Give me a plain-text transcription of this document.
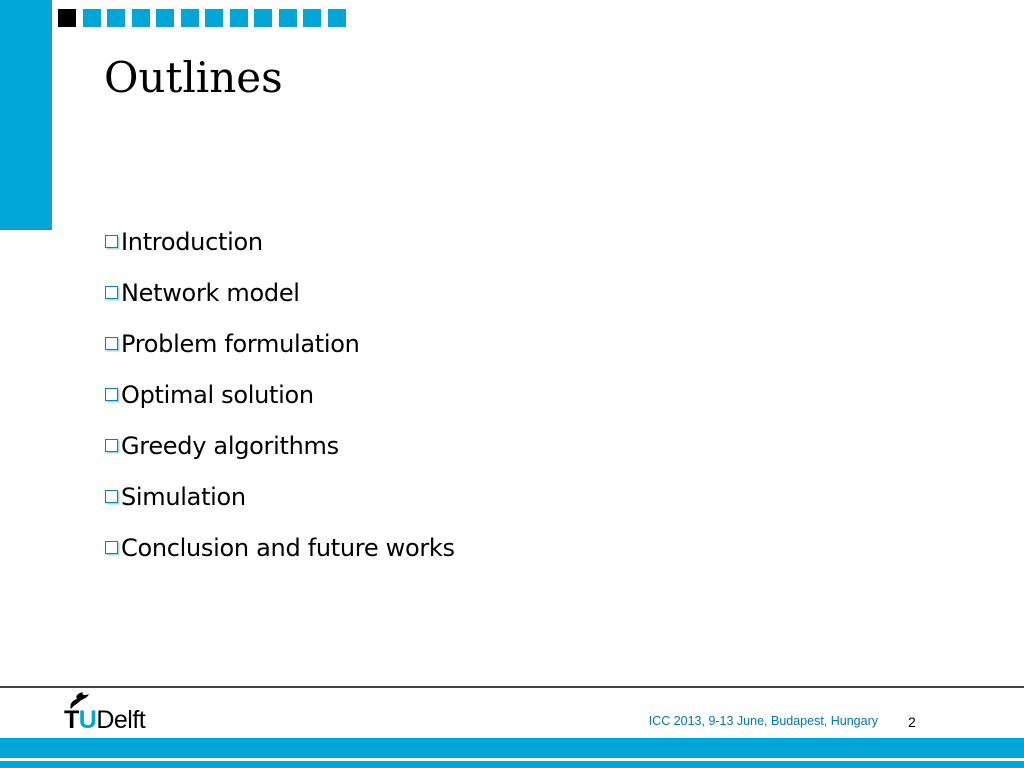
Outlines
Introduction
Network model
Problem formulation
Optimal solution
Greedy algorithms
Simulation
Conclusion and future works
TUDelft	ICC 2013, 9-13 June, Budapest, Hungary 2
